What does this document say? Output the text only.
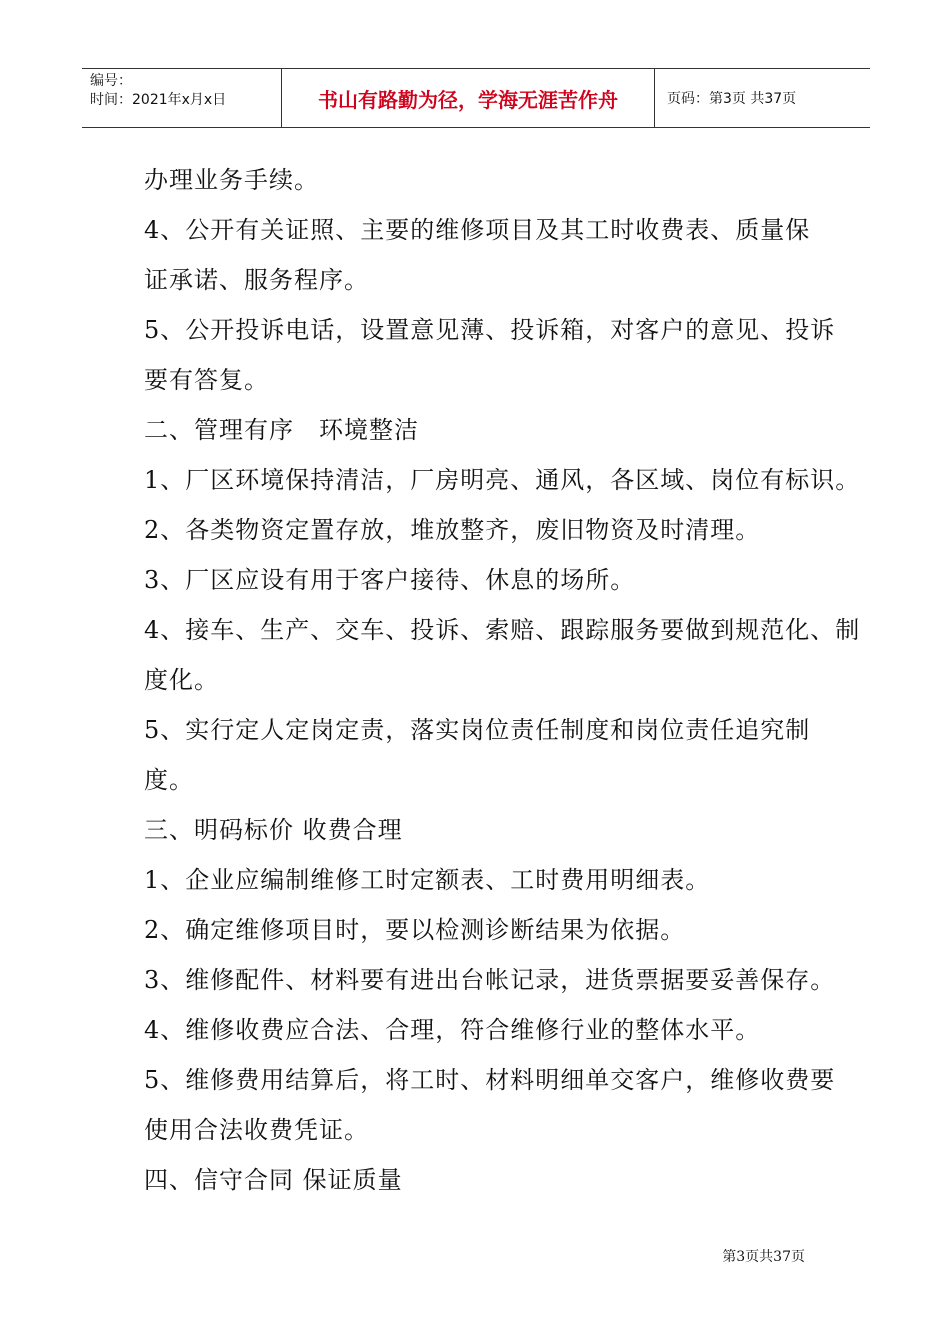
编号：
时间：2021年x月x日	书山有路勤为径，学海无涯苦作舟	页码：第3页 共37页
办理业务手续。
4、公开有关证照、主要的维修项目及其工时收费表、质量保
证承诺、服务程序。
5、公开投诉电话，设置意见薄、投诉箱，对客户的意见、投诉
要有答复。
二、管理有序　环境整洁
1、厂区环境保持清洁，厂房明亮、通风，各区域、岗位有标识。
2、各类物资定置存放，堆放整齐，废旧物资及时清理。
3、厂区应设有用于客户接待、休息的场所。
4、接车、生产、交车、投诉、索赔、跟踪服务要做到规范化、制
度化。
5、实行定人定岗定责，落实岗位责任制度和岗位责任追究制
度。
三、明码标价 收费合理
1、企业应编制维修工时定额表、工时费用明细表。
2、确定维修项目时，要以检测诊断结果为依据。
3、维修配件、材料要有进出台帐记录，进货票据要妥善保存。
4、维修收费应合法、合理，符合维修行业的整体水平。
5、维修费用结算后，将工时、材料明细单交客户，维修收费要
使用合法收费凭证。
四、信守合同 保证质量
第3页共37页
